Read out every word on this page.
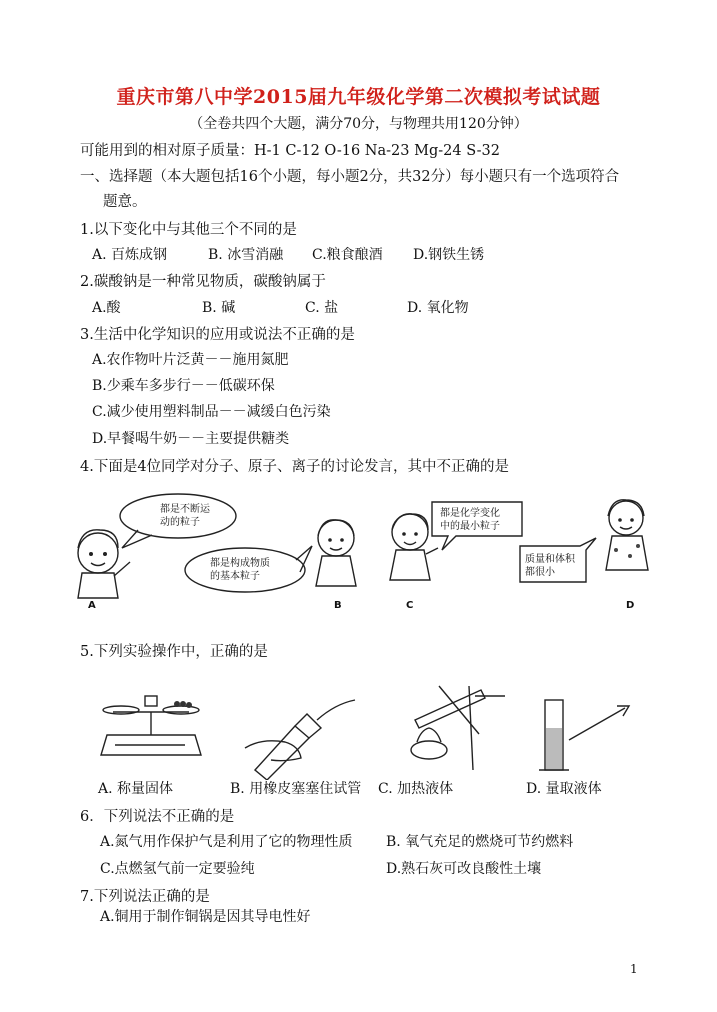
重庆市第八中学2015届九年级化学第二次模拟考试试题
（全卷共四个大题，满分70分，与物理共用120分钟）
可能用到的相对原子质量：H-1 C-12 O-16 Na-23 Mg-24 S-32
一、选择题（本大题包括16个小题，每小题2分，共32分）每小题只有一个选项符合
题意。
1.以下变化中与其他三个不同的是
A. 百炼成钢	B. 冰雪消融 C.粮食酿酒 D.钢铁生锈
2.碳酸钠是一种常见物质，碳酸钠属于
A.酸	B. 碱	C. 盐	D. 氧化物
3.生活中化学知识的应用或说法不正确的是
A.农作物叶片泛黄－－施用氮肥
B.少乘车多步行－－低碳环保
C.减少使用塑料制品－－减缓白色污染
D.早餐喝牛奶－－主要提供糖类
4.下面是4位同学对分子、原子、离子的讨论发言，其中不正确的是
都是不断运
动的粒子
都是构成物质
的基本粒子
都是化学变化
中的最小粒子
质量和体积
都很小
A	B	C	D
5.下列实验操作中，正确的是
A. 称量固体	B. 用橡皮塞塞住试管 C. 加热液体	D. 量取液体
6．下列说法不正确的是
A.氮气用作保护气是利用了它的物理性质 B. 氧气充足的燃烧可节约燃料
C.点燃氢气前一定要验纯	D.熟石灰可改良酸性土壤
7.下列说法正确的是
A.铜用于制作铜锅是因其导电性好
1
